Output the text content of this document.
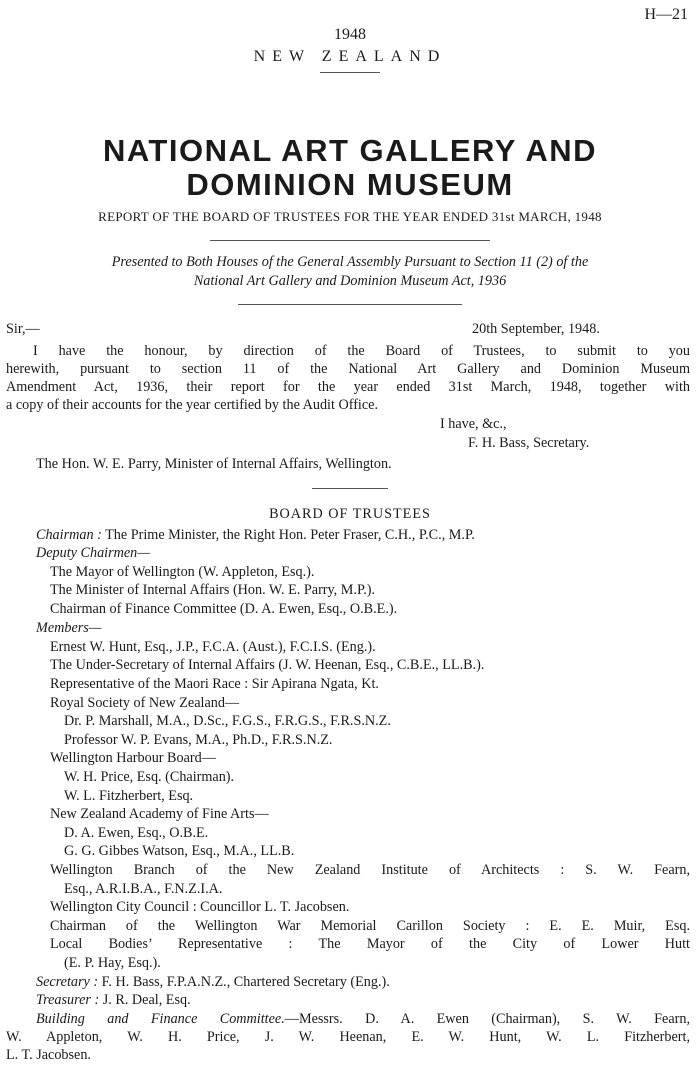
H—21
1948
NEW ZEALAND
NATIONAL ART GALLERY AND
DOMINION MUSEUM
REPORT OF THE BOARD OF TRUSTEES FOR THE YEAR ENDED 31st MARCH, 1948
Presented to Both Houses of the General Assembly Pursuant to Section 11 (2) of the
National Art Gallery and Dominion Museum Act, 1936
Sir,—	20th September, 1948.
I have the honour, by direction of the Board of Trustees, to submit to you
herewith, pursuant to section 11 of the National Art Gallery and Dominion Museum
Amendment Act, 1936, their report for the year ended 31st March, 1948, together with
a copy of their accounts for the year certified by the Audit Office.
I have, &c.,
F. H. Bass, Secretary.
The Hon. W. E. Parry, Minister of Internal Affairs, Wellington.
BOARD OF TRUSTEES
Chairman : The Prime Minister, the Right Hon. Peter Fraser, C.H., P.C., M.P.
Deputy Chairmen—
The Mayor of Wellington (W. Appleton, Esq.).
The Minister of Internal Affairs (Hon. W. E. Parry, M.P.).
Chairman of Finance Committee (D. A. Ewen, Esq., O.B.E.).
Members—
Ernest W. Hunt, Esq., J.P., F.C.A. (Aust.), F.C.I.S. (Eng.).
The Under-Secretary of Internal Affairs (J. W. Heenan, Esq., C.B.E., LL.B.).
Representative of the Maori Race : Sir Apirana Ngata, Kt.
Royal Society of New Zealand—
Dr. P. Marshall, M.A., D.Sc., F.G.S., F.R.G.S., F.R.S.N.Z.
Professor W. P. Evans, M.A., Ph.D., F.R.S.N.Z.
Wellington Harbour Board—
W. H. Price, Esq. (Chairman).
W. L. Fitzherbert, Esq.
New Zealand Academy of Fine Arts—
D. A. Ewen, Esq., O.B.E.
G. G. Gibbes Watson, Esq., M.A., LL.B.
Wellington Branch of the New Zealand Institute of Architects : S. W. Fearn,
Esq., A.R.I.B.A., F.N.Z.I.A.
Wellington City Council : Councillor L. T. Jacobsen.
Chairman of the Wellington War Memorial Carillon Society : E. E. Muir, Esq.
Local Bodies’ Representative : The Mayor of the City of Lower Hutt
(E. P. Hay, Esq.).
Secretary : F. H. Bass, F.P.A.N.Z., Chartered Secretary (Eng.).
Treasurer : J. R. Deal, Esq.
Building and Finance Committee.—Messrs. D. A. Ewen (Chairman), S. W. Fearn,
W. Appleton, W. H. Price, J. W. Heenan, E. W. Hunt, W. L. Fitzherbert,
L. T. Jacobsen.
